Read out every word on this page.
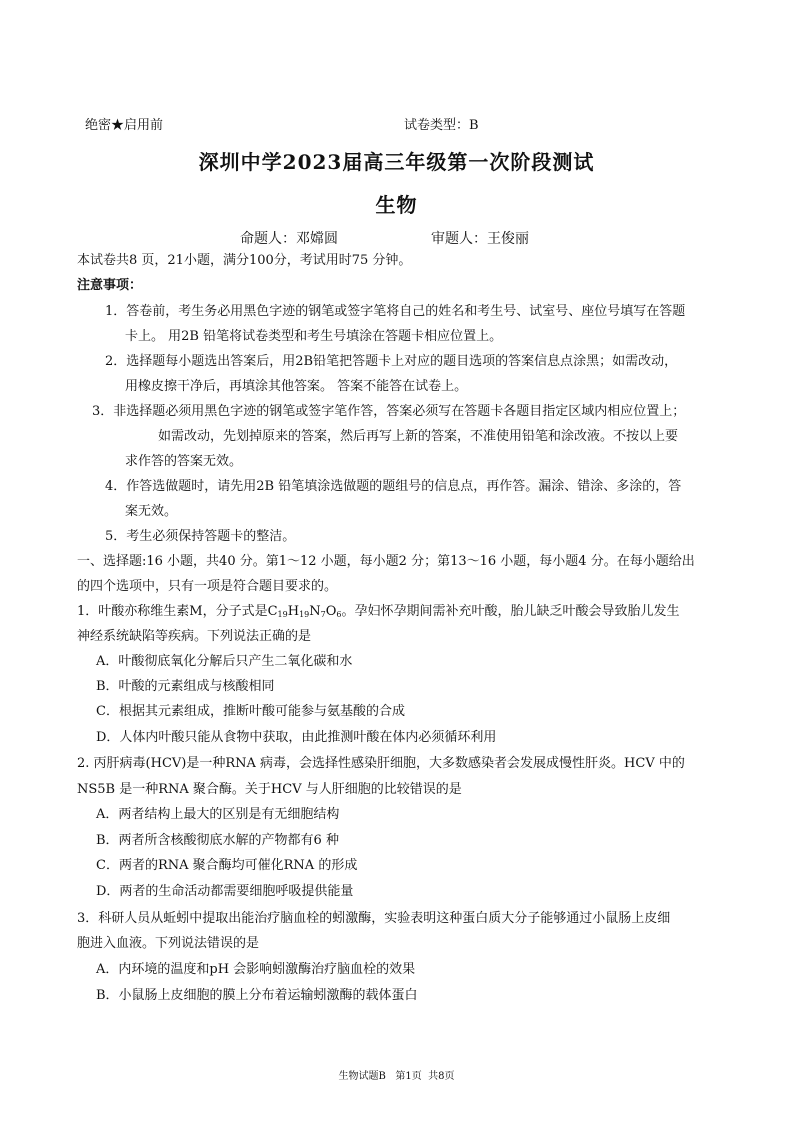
绝密★启用前	试卷类型：B
深圳中学2023届高三年级第一次阶段测试
生物
命题人：邓嫦圆	审题人：王俊丽
本试卷共8 页，21小题，满分100分，考试用时75 分钟。
注意事项：
1．答卷前，考生务必用黑色字迹的钢笔或签字笔将自己的姓名和考生号、试室号、座位号填写在答题
卡上。 用2B 铅笔将试卷类型和考生号填涂在答题卡相应位置上。
2．选择题每小题选出答案后，用2B铅笔把答题卡上对应的题目选项的答案信息点涂黑；如需改动，
用橡皮擦干净后，再填涂其他答案。 答案不能答在试卷上。
3．非选择题必须用黑色字迹的钢笔或签字笔作答，答案必须写在答题卡各题目指定区域内相应位置上；
如需改动，先划掉原来的答案，然后再写上新的答案，不准使用铅笔和涂改液。不按以上要
求作答的答案无效。
4．作答选做题时，请先用2B 铅笔填涂选做题的题组号的信息点，再作答。漏涂、错涂、多涂的，答
案无效。
5．考生必须保持答题卡的整洁。
一、选择题:16 小题，共40 分。第1～12 小题，每小题2 分；第13～16 小题，每小题4 分。在每小题给出
的四个选项中，只有一项是符合题目要求的。
1．叶酸亦称维生素M，分子式是$C_{19}H_{19}N_7O_6$。孕妇怀孕期间需补充叶酸，胎儿缺乏叶酸会导致胎儿发生
神经系统缺陷等疾病。下列说法正确的是
A．叶酸彻底氧化分解后只产生二氧化碳和水
B．叶酸的元素组成与核酸相同
C．根据其元素组成，推断叶酸可能参与氨基酸的合成
D．人体内叶酸只能从食物中获取，由此推测叶酸在体内必须循环利用
2. 丙肝病毒(HCV)是一种RNA 病毒，会选择性感染肝细胞，大多数感染者会发展成慢性肝炎。HCV 中的
NS5B 是一种RNA 聚合酶。关于HCV 与人肝细胞的比较错误的是
A．两者结构上最大的区别是有无细胞结构
B．两者所含核酸彻底水解的产物都有6 种
C．两者的RNA 聚合酶均可催化RNA 的形成
D．两者的生命活动都需要细胞呼吸提供能量
3．科研人员从蚯蚓中提取出能治疗脑血栓的蚓激酶，实验表明这种蛋白质大分子能够通过小鼠肠上皮细
胞进入血液。下列说法错误的是
A．内环境的温度和pH 会影响蚓激酶治疗脑血栓的效果
B．小鼠肠上皮细胞的膜上分布着运输蚓激酶的载体蛋白
生物试题B   第1页  共8页
